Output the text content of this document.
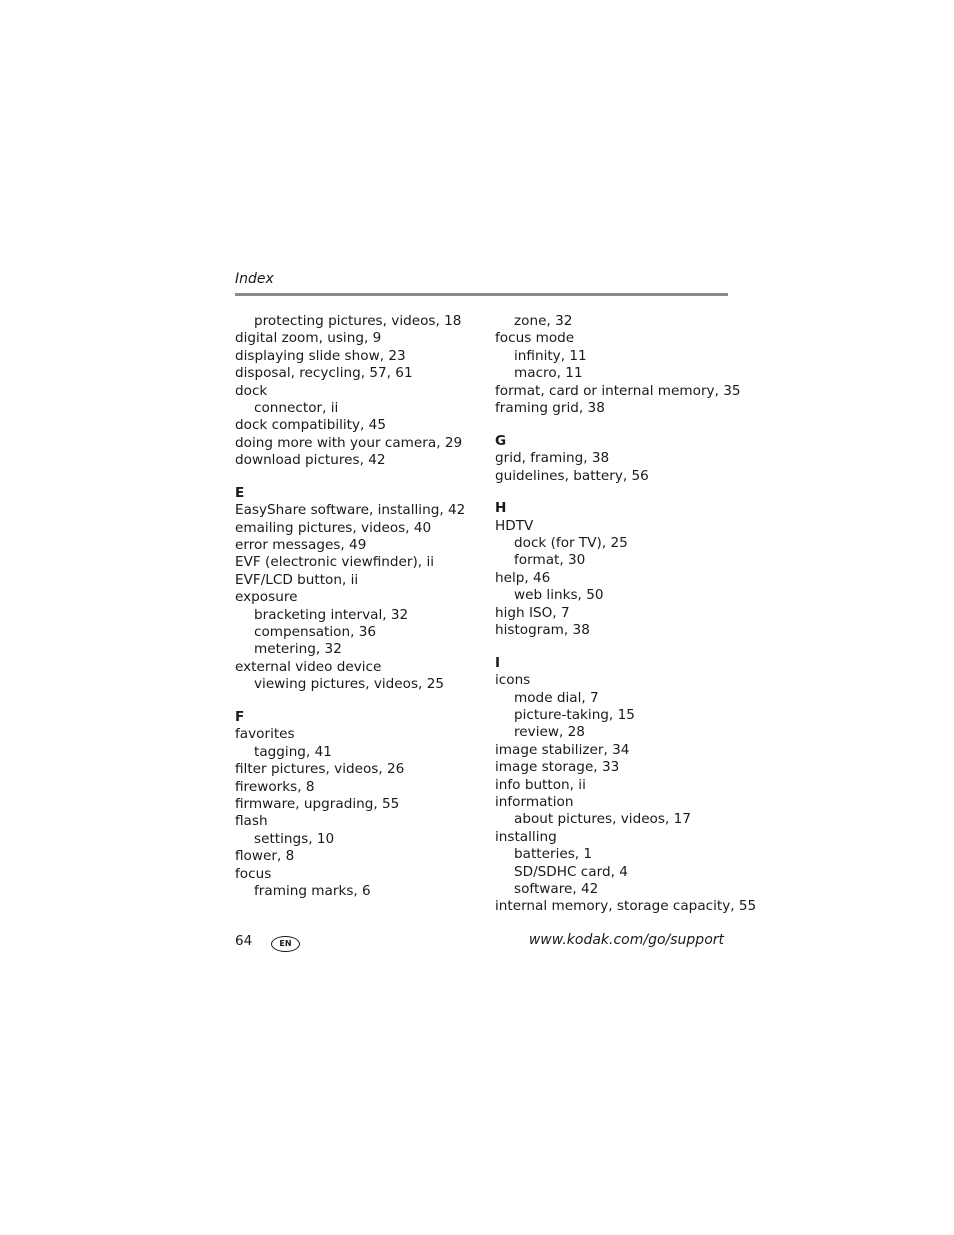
Index
protecting pictures, videos, 18
digital zoom, using, 9
displaying slide show, 23
disposal, recycling, 57, 61
dock
connector, ii
dock compatibility, 45
doing more with your camera, 29
download pictures, 42
E
EasyShare software, installing, 42
emailing pictures, videos, 40
error messages, 49
EVF (electronic viewfinder), ii
EVF/LCD button, ii
exposure
bracketing interval, 32
compensation, 36
metering, 32
external video device
viewing pictures, videos, 25
F
favorites
tagging, 41
filter pictures, videos, 26
fireworks, 8
firmware, upgrading, 55
flash
settings, 10
flower, 8
focus
framing marks, 6
zone, 32
focus mode
infinity, 11
macro, 11
format, card or internal memory, 35
framing grid, 38
G
grid, framing, 38
guidelines, battery, 56
H
HDTV
dock (for TV), 25
format, 30
help, 46
web links, 50
high ISO, 7
histogram, 38
I
icons
mode dial, 7
picture-taking, 15
review, 28
image stabilizer, 34
image storage, 33
info button, ii
information
about pictures, videos, 17
installing
batteries, 1
SD/SDHC card, 4
software, 42
internal memory, storage capacity, 55
64	EN	www.kodak.com/go/support
